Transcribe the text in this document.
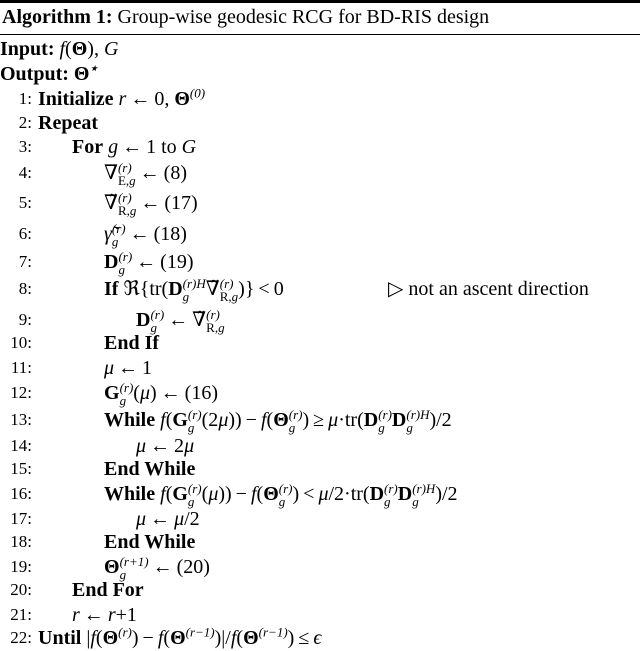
Algorithm 1: Group-wise geodesic RCG for BD-RIS design
Input: f(Θ), G
Output: Θ⋆
1: Initialize r ← 0, $\Theta^{(0)}$
2: Repeat
3: For g ← 1 to G
4:	∇ (r)
E,g  ← (8)
5:	∇̃ (r)
R,g  ← (17)
6:	γ̃ (r)
g  ← (18)
7:	D (r)
g  ← (19)
8:	If ℜ{tr(D (r)H
g ∇̃ (r)
R,g )} < 0	▷ not an ascent direction
9:	D (r)
g  ← ∇̃ (r)
R,g
10:	End If
11:	μ ← 1
12:	G (r)
g (μ) ← (16)
13:	While f(G (r)
g (2μ)) − f(Θ (r)
g ) ≥ μ·tr(D (r)
g D (r)H
g )/2
14:	μ ← 2μ
15:	End While
16:	While f(G (r)
g (μ)) − f(Θ (r)
g ) < μ/2·tr(D (r)
g D (r)H
g )/2
17:	μ ← μ/2
18:	End While
19:	Θ (r+1)
g	 ← (20)
20: End For
21: r ← r+1
22: Until $|f(\Theta^{(r)}) - f(\Theta^{(r-1)})|/f(\Theta^{(r-1)}) \le \epsilon$
